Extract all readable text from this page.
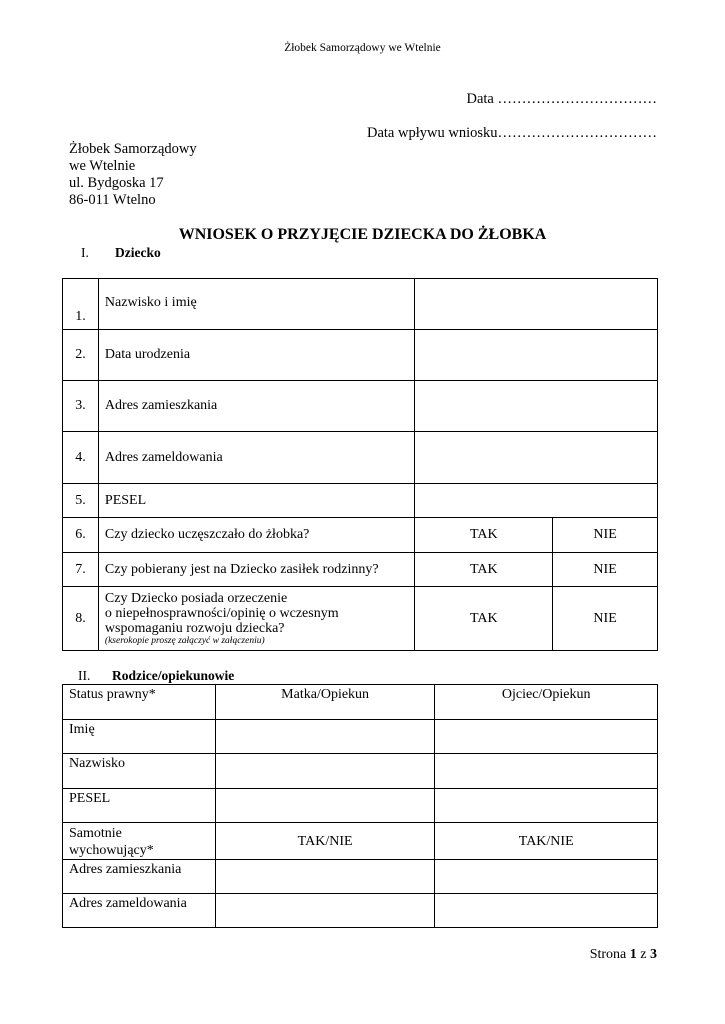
Żłobek Samorządowy we Wtelnie
Data ……………………………
Data wpływu wniosku……………………………
Żłobek Samorządowy
we Wtelnie
ul. Bydgoska 17
86-011 Wtelno
WNIOSEK O PRZYJĘCIE DZIECKA DO ŻŁOBKA
I. Dziecko
1.	Nazwisko i imię		
2.	Data urodzenia		
3.	Adres zamieszkania		
4.	Adres zameldowania		
5.	PESEL		
6.	Czy dziecko uczęszczało do żłobka?	TAK	NIE
7.	Czy pobierany jest na Dziecko zasiłek rodzinny?	TAK	NIE
8.	Czy Dziecko posiada orzeczenie
o niepełnosprawności/opinię o wczesnym
wspomaganiu rozwoju dziecka?
(kserokopie proszę załączyć w załączeniu)	TAK	NIE
II. Rodzice/opiekunowie
Status prawny*	Matka/Opiekun	Ojciec/Opiekun
Imię		
Nazwisko		
PESEL		

Samotnie
wychowujący*	TAK/NIE	TAK/NIE
Adres zamieszkania		
Adres zameldowania		
Strona 1 z 3
